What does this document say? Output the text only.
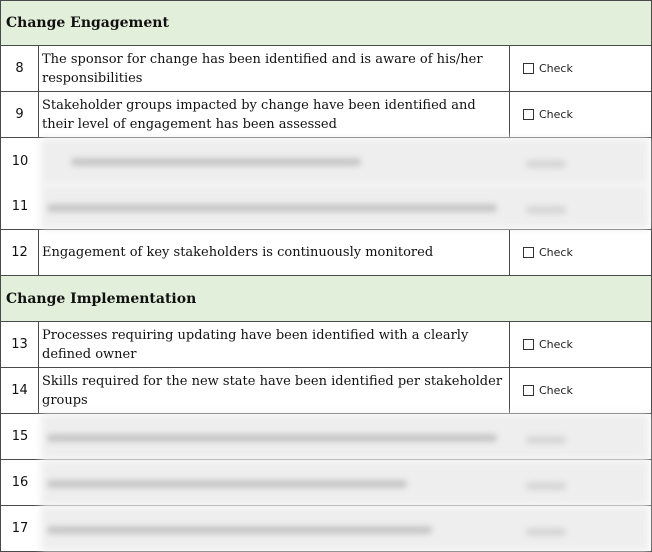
Change Engagement
8
The sponsor for change has been identified and is aware of his/her responsibilities
Check
9
Stakeholder groups impacted by change have been identified and their level of engagement has been assessed
Check
10
11
12	Engagement of key stakeholders is continuously monitored	Check
Change Implementation
13
Processes requiring updating have been identified with a clearly defined owner
Check
14
Skills required for the new state have been identified per stakeholder groups
Check
15
16
17
